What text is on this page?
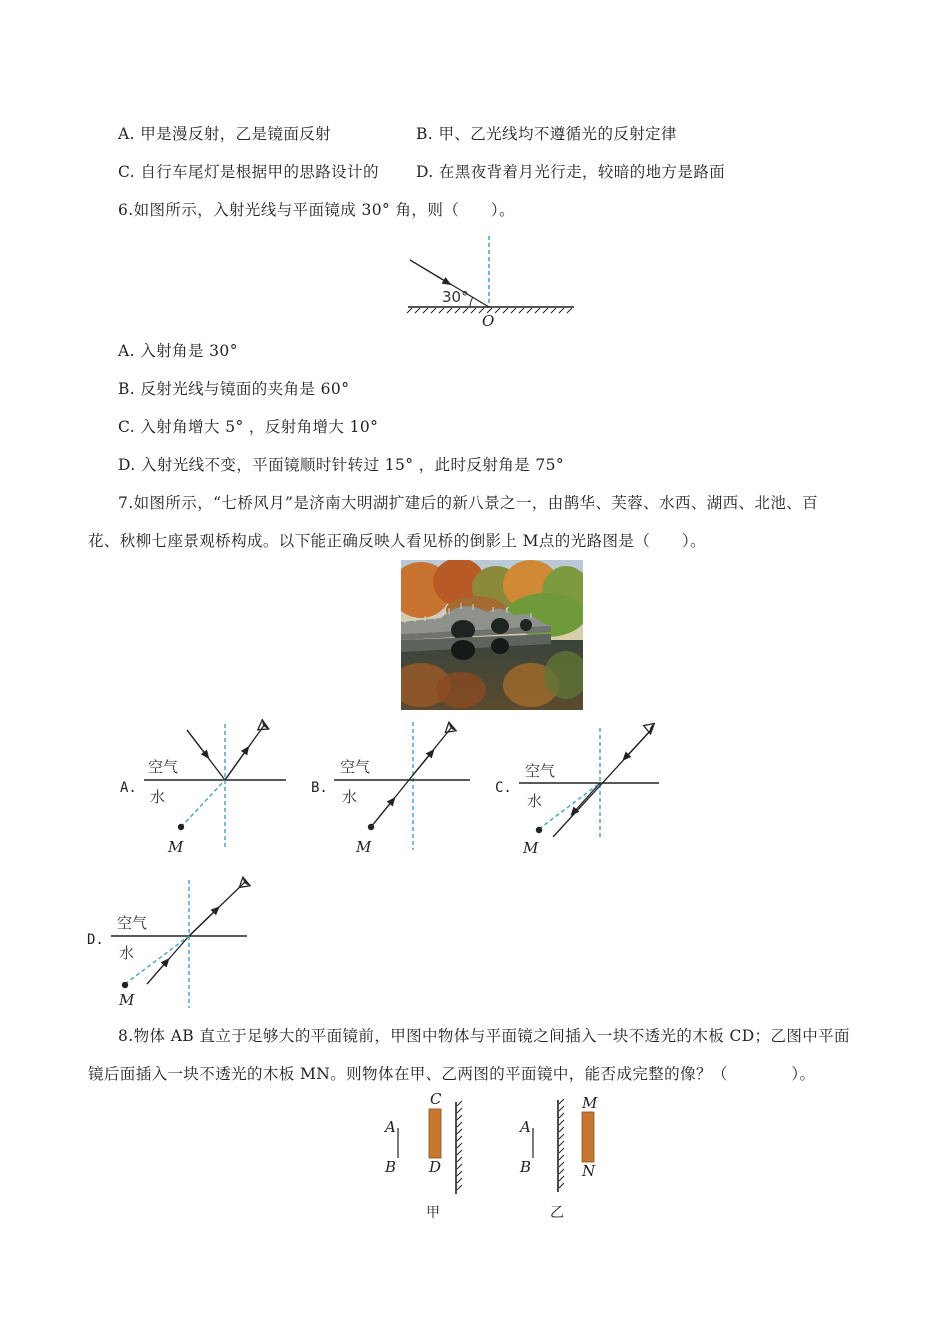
A. 甲是漫反射，乙是镜面反射	B. 甲、乙光线均不遵循光的反射定律
C. 自行车尾灯是根据甲的思路设计的 D. 在黑夜背着月光行走，较暗的地方是路面
6.如图所示，入射光线与平面镜成 30° 角，则（　　）。
30°
O
A. 入射角是 30°
B. 反射光线与镜面的夹角是 60°
C. 入射角增大 5° ，反射角增大 10°
D. 入射光线不变，平面镜顺时针转过 15° ，此时反射角是 75°
7.如图所示，“七桥风月”是济南大明湖扩建后的新八景之一，由鹊华、芙蓉、水西、湖西、北池、百
花、秋柳七座景观桥构成。以下能正确反映人看见桥的倒影上 M点的光路图是（　　）。
A.	B.	C.
D.
空气
水
M
空气
水
M
空气
水
M
空气
水
M
8.物体 AB 直立于足够大的平面镜前，甲图中物体与平面镜之间插入一块不透光的木板 CD；乙图中平面
镜后面插入一块不透光的木板 MN。则物体在甲、乙两图的平面镜中，能否成完整的像？（　　　　）。
A
B
C
D
甲
A
B
M
N
乙
